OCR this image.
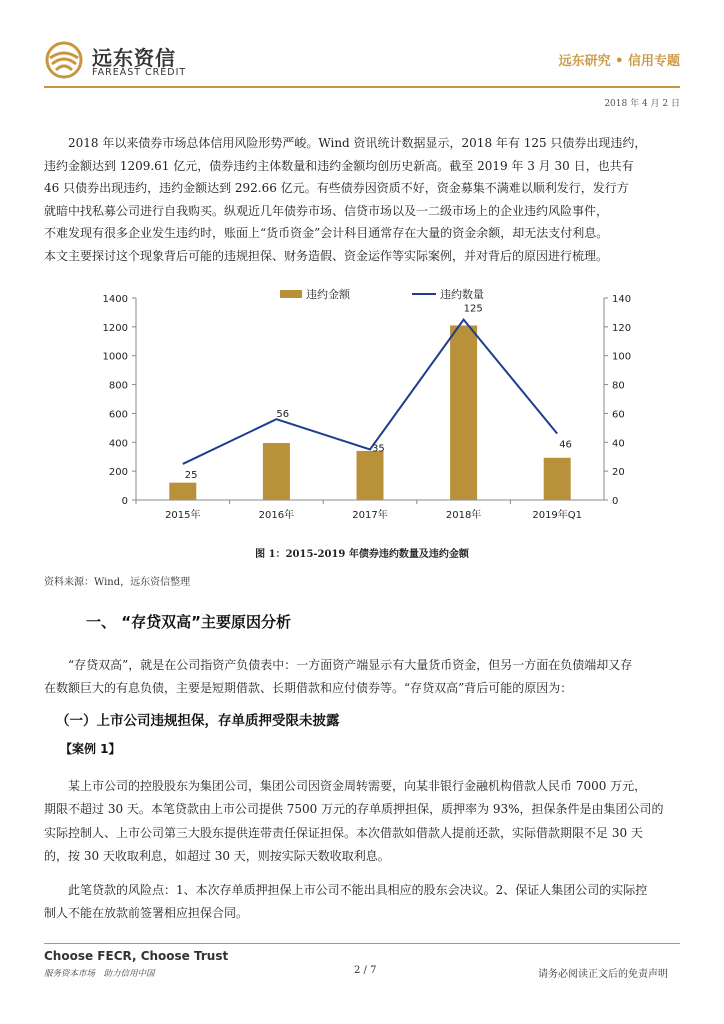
远东资信
FAREAST CREDIT
远东研究 • 信用专题
2018 年 4 月 2 日
2018 年以来债券市场总体信用风险形势严峻。Wind 资讯统计数据显示，2018 年有 125 只债券出现违约，
违约金额达到 1209.61 亿元，债券违约主体数量和违约金额均创历史新高。截至 2019 年 3 月 30 日，也共有
46 只债券出现违约，违约金额达到 292.66 亿元。有些债券因资质不好，资金募集不满难以顺利发行，发行方
就暗中找私募公司进行自我购买。纵观近几年债券市场、信贷市场以及一二级市场上的企业违约风险事件，
不难发现有很多企业发生违约时，账面上“货币资金”会计科目通常存在大量的资金余额，却无法支付利息。
本文主要探讨这个现象背后可能的违规担保、财务造假、资金运作等实际案例，并对背后的原因进行梳理。
0
200
400
600
800
1000
1200
1400
0
20
40
60
80
100
120
140
25
56
35
125
46
2015年	2016年	2017年	2018年	2019年Q1
违约金额	违约数量
图 1：2015-2019 年债券违约数量及违约金额
资料来源：Wind，远东资信整理
一、 “存贷双高”主要原因分析
“存贷双高”，就是在公司指资产负债表中：一方面资产端显示有大量货币资金，但另一方面在负债端却又存
在数额巨大的有息负债，主要是短期借款、长期借款和应付债券等。“存贷双高”背后可能的原因为：
（一）上市公司违规担保，存单质押受限未披露
【案例 1】
某上市公司的控股股东为集团公司，集团公司因资金周转需要，向某非银行金融机构借款人民币 7000 万元，
期限不超过 30 天。本笔贷款由上市公司提供 7500 万元的存单质押担保，质押率为 93%，担保条件是由集团公司的
实际控制人、上市公司第三大股东提供连带责任保证担保。本次借款如借款人提前还款，实际借款期限不足 30 天
的，按 30 天收取利息，如超过 30 天，则按实际天数收取利息。
此笔贷款的风险点：1、本次存单质押担保上市公司不能出具相应的股东会决议。2、保证人集团公司的实际控
制人不能在放款前签署相应担保合同。
Choose FECR, Choose Trust
服务资本市场　助力信用中国	2 / 7	请务必阅读正文后的免责声明
